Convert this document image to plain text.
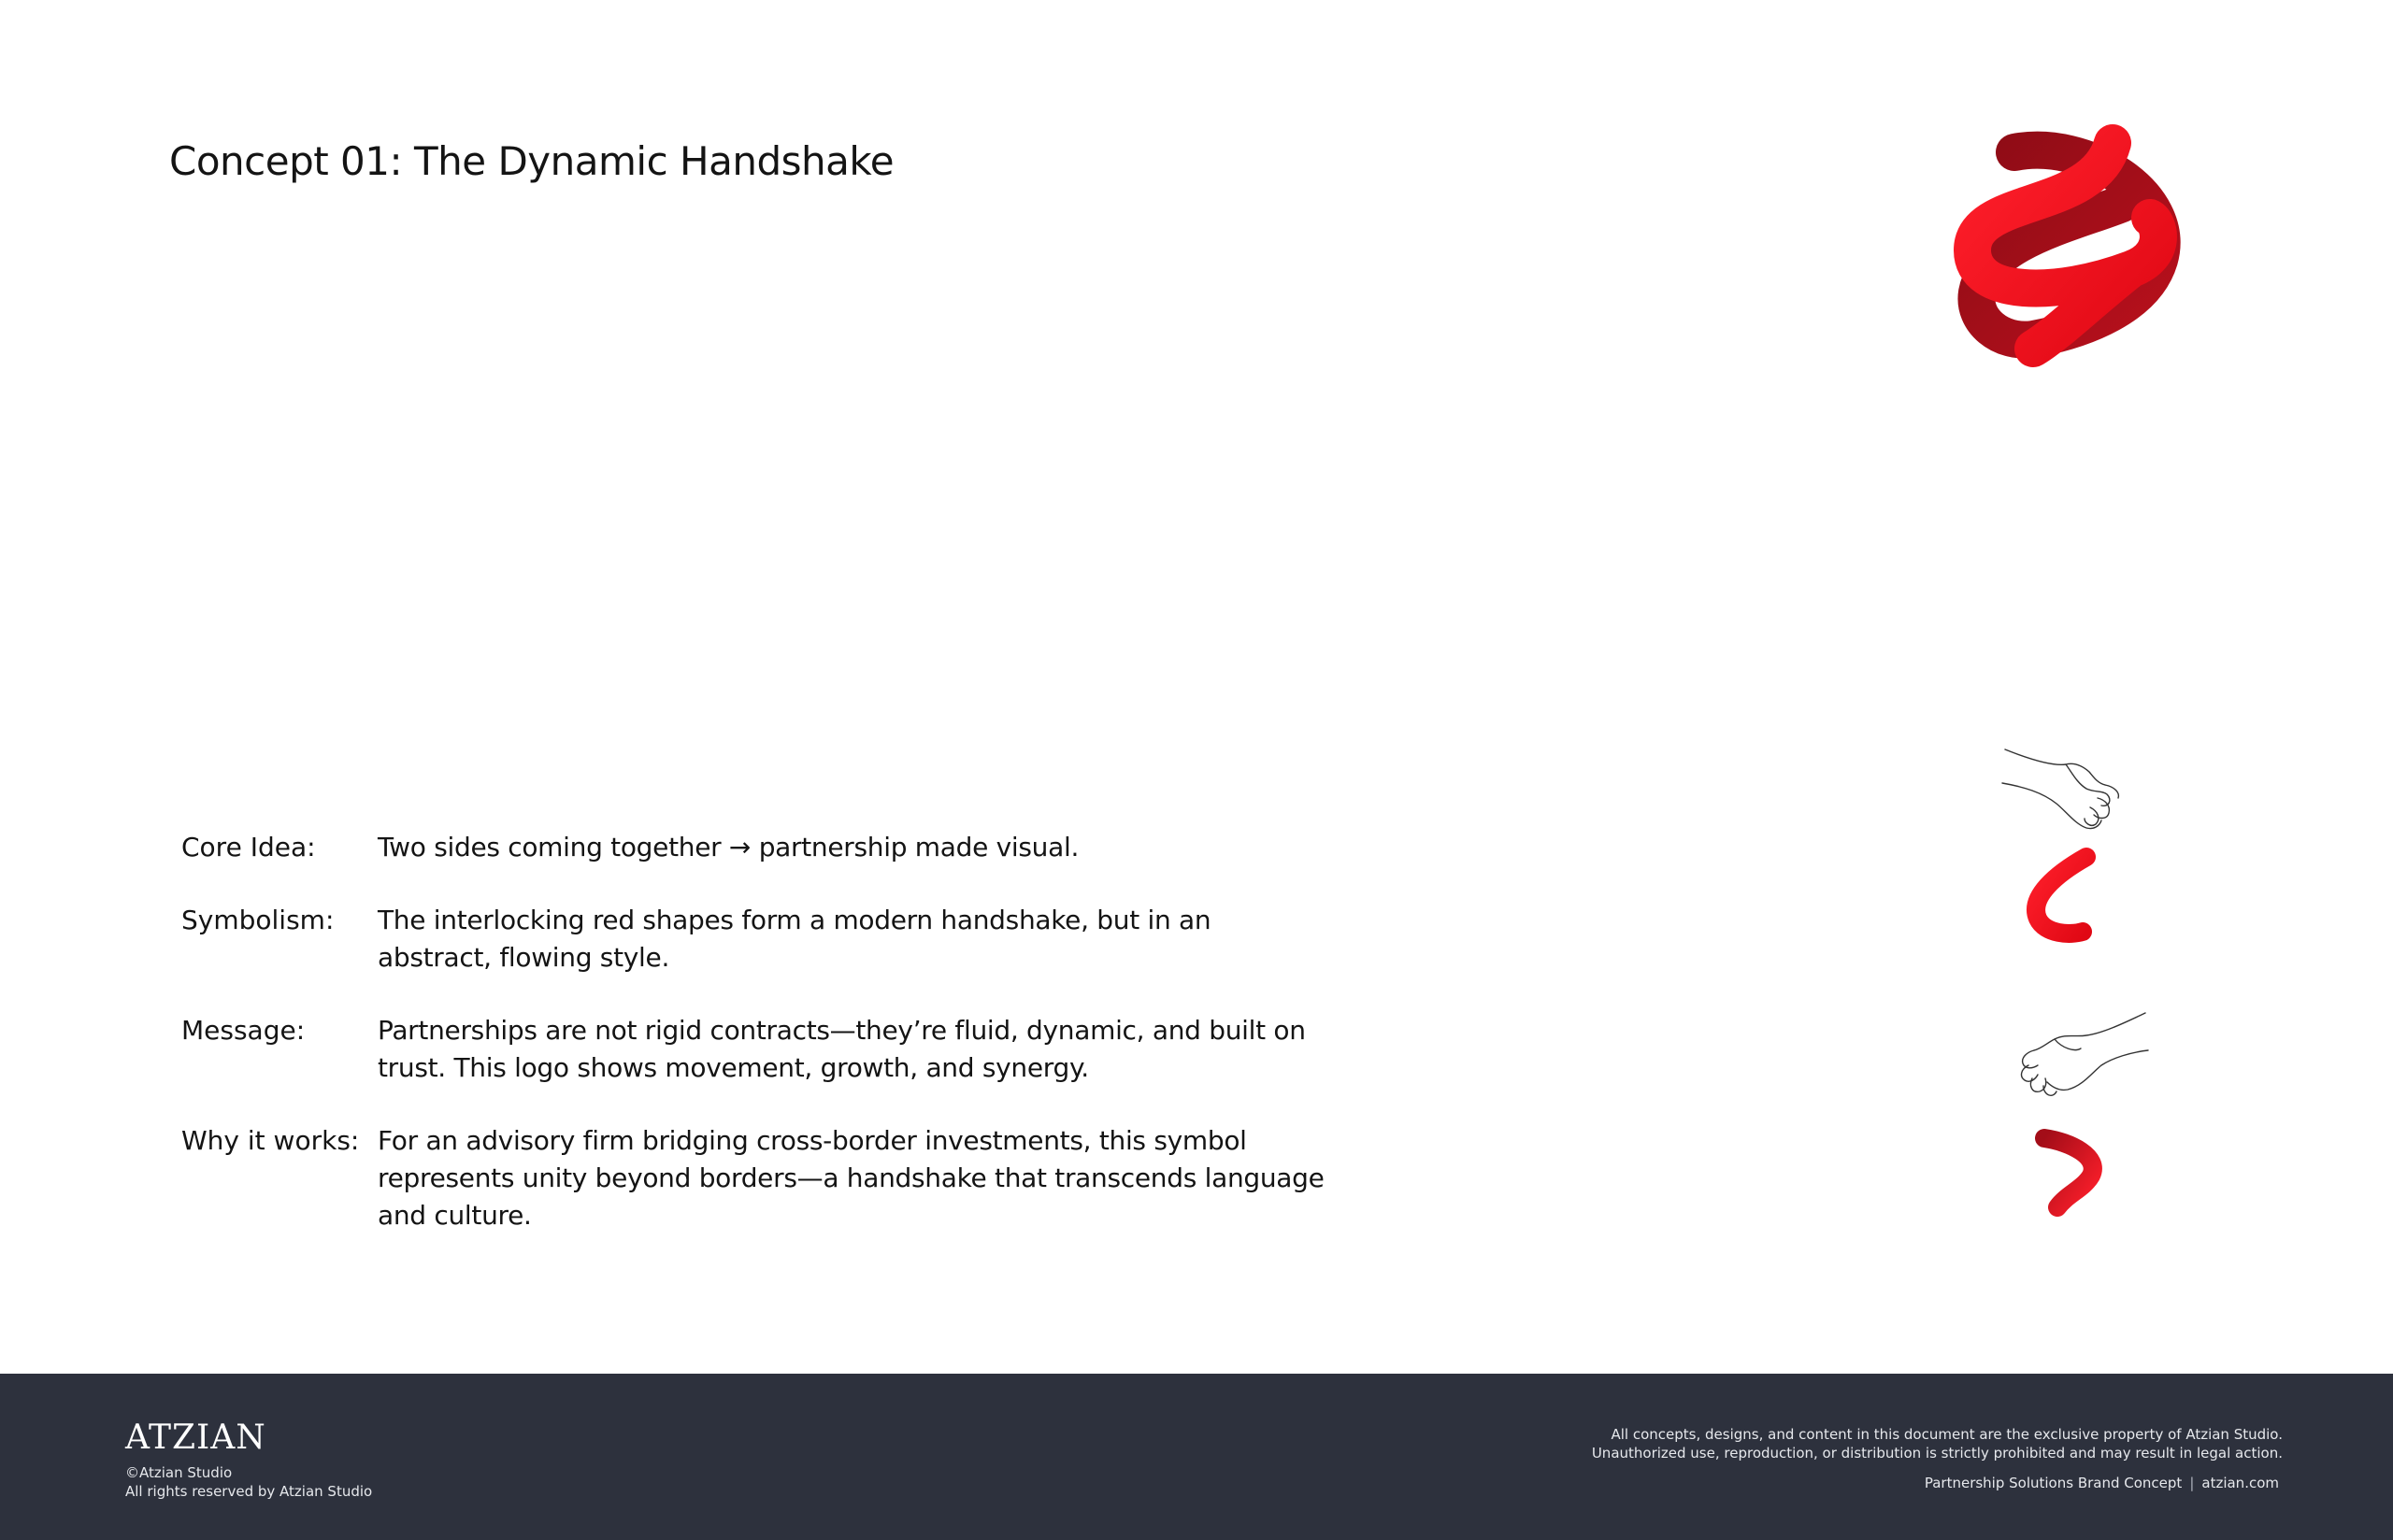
Concept 01: The Dynamic Handshake
Core Idea:	Two sides coming together → partnership made visual.
Symbolism:	The interlocking red shapes form a modern handshake, but in an abstract, flowing style.
Message:	Partnerships are not rigid contracts—they’re fluid, dynamic, and built on trust. This logo shows movement, growth, and synergy.
Why it works: For an advisory firm bridging cross-border investments, this symbol represents unity beyond borders—a handshake that transcends language and culture.
ATZIAN
©Atzian Studio
All rights reserved by Atzian Studio
All concepts, designs, and content in this document are the exclusive property of Atzian Studio.
Unauthorized use, reproduction, or distribution is strictly prohibited and may result in legal action.
Partnership Solutions Brand Concept | atzian.com
